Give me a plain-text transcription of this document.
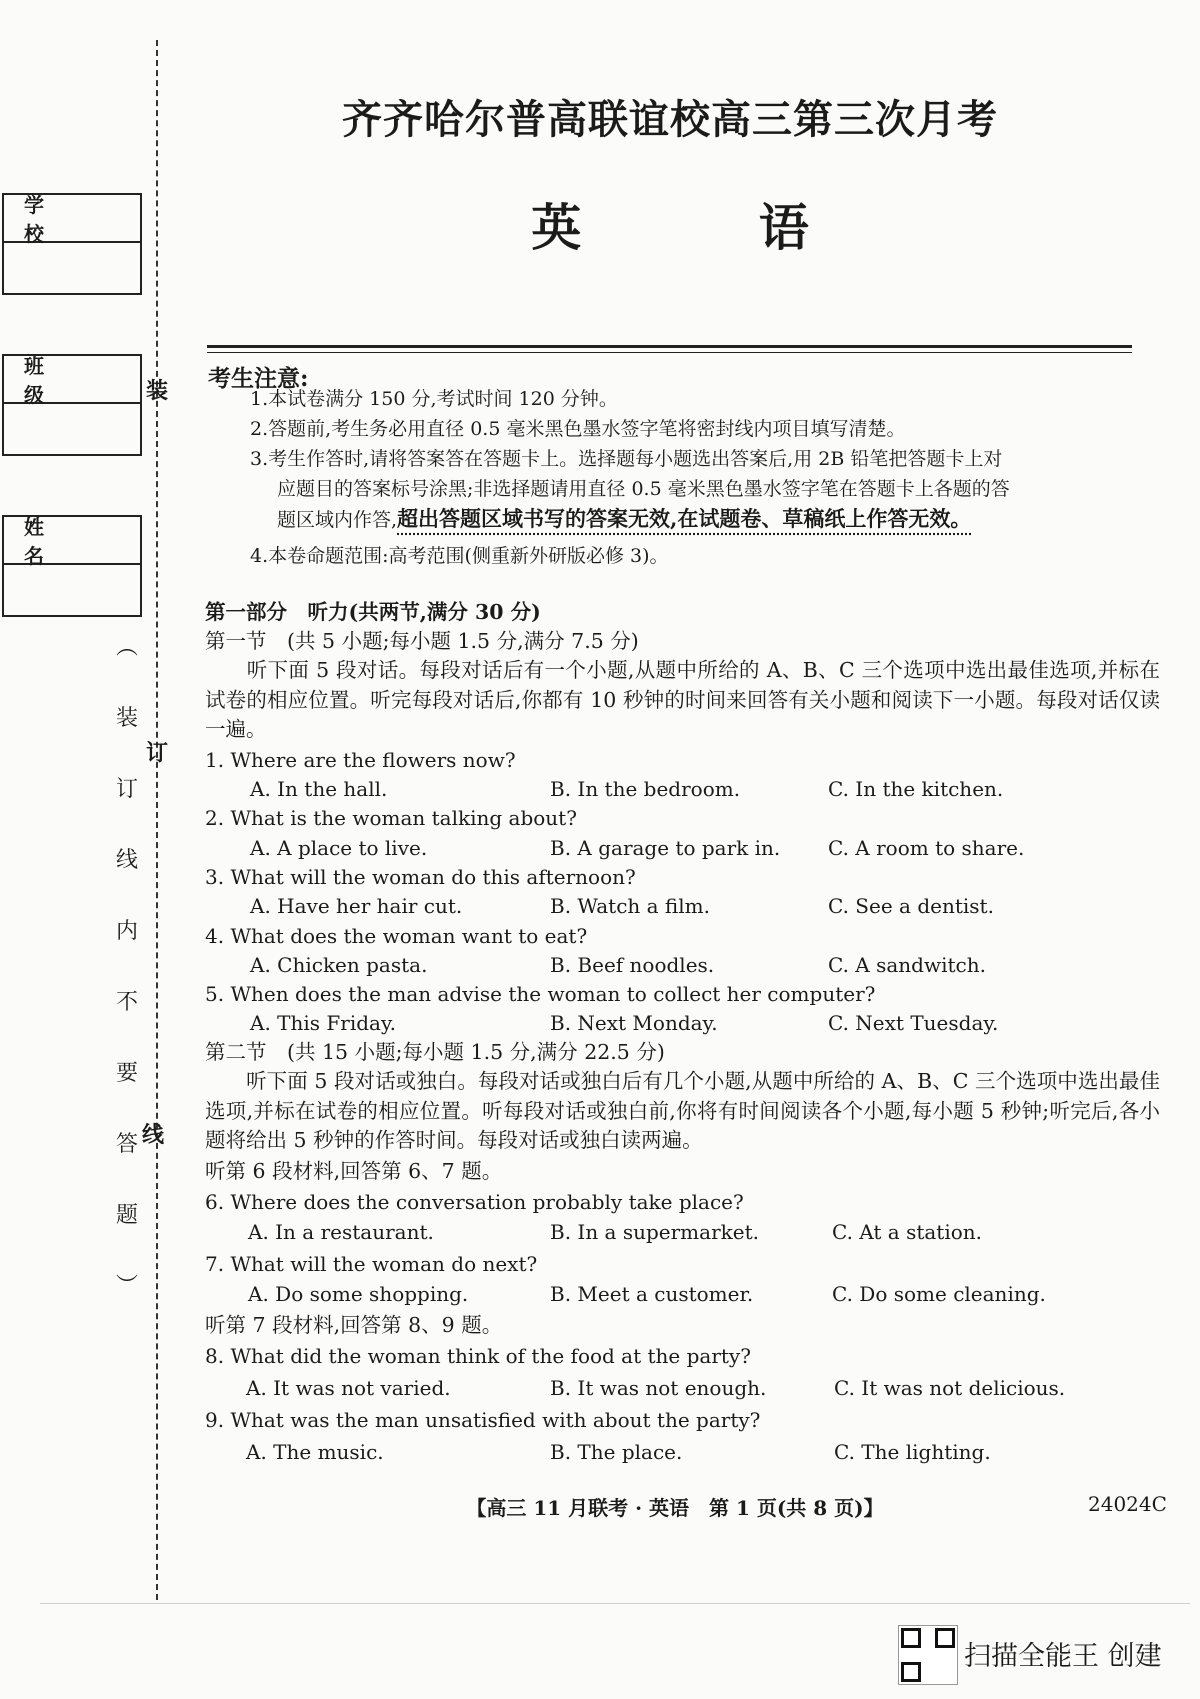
学 校
班 级
姓 名
装
订
线
︵
装
订
线
内
不
要
答
题
︶
齐齐哈尔普高联谊校高三第三次月考
英 语
考生注意:
1.本试卷满分 150 分,考试时间 120 分钟。
2.答题前,考生务必用直径 0.5 毫米黑色墨水签字笔将密封线内项目填写清楚。
3.考生作答时,请将答案答在答题卡上。选择题每小题选出答案后,用 2B 铅笔把答题卡上对
应题目的答案标号涂黑;非选择题请用直径 0.5 毫米黑色墨水签字笔在答题卡上各题的答
题区域内作答,超出答题区域书写的答案无效,在试题卷、草稿纸上作答无效。
4.本卷命题范围:高考范围(侧重新外研版必修 3)。
第一部分　听力(共两节,满分 30 分)
第一节　(共 5 小题;每小题 1.5 分,满分 7.5 分)
　　听下面 5 段对话。每段对话后有一个小题,从题中所给的 A、B、C 三个选项中选出最佳选项,并标在试卷的相应位置。听完每段对话后,你都有 10 秒钟的时间来回答有关小题和阅读下一小题。每段对话仅读一遍。
1. Where are the flowers now?
A. In the hall.	B. In the bedroom.	C. In the kitchen.
2. What is the woman talking about?
A. A place to live.	B. A garage to park in. C. A room to share.
3. What will the woman do this afternoon?
A. Have her hair cut.	B. Watch a film.	C. See a dentist.
4. What does the woman want to eat?
A. Chicken pasta.	B. Beef noodles.	C. A sandwitch.
5. When does the man advise the woman to collect her computer?
A. This Friday.	B. Next Monday.	C. Next Tuesday.
第二节　(共 15 小题;每小题 1.5 分,满分 22.5 分)
　　听下面 5 段对话或独白。每段对话或独白后有几个小题,从题中所给的 A、B、C 三个选项中选出最佳选项,并标在试卷的相应位置。听每段对话或独白前,你将有时间阅读各个小题,每小题 5 秒钟;听完后,各小题将给出 5 秒钟的作答时间。每段对话或独白读两遍。
听第 6 段材料,回答第 6、7 题。
6. Where does the conversation probably take place?
A. In a restaurant.	B. In a supermarket.	C. At a station.
7. What will the woman do next?
A. Do some shopping.	B. Meet a customer.	C. Do some cleaning.
听第 7 段材料,回答第 8、9 题。
8. What did the woman think of the food at the party?
A. It was not varied.	B. It was not enough.	C. It was not delicious.
9. What was the man unsatisfied with about the party?
A. The music.	B. The place.	C. The lighting.
【高三 11 月联考 · 英语　第 1 页(共 8 页)】	24024C
扫描全能王 创建
